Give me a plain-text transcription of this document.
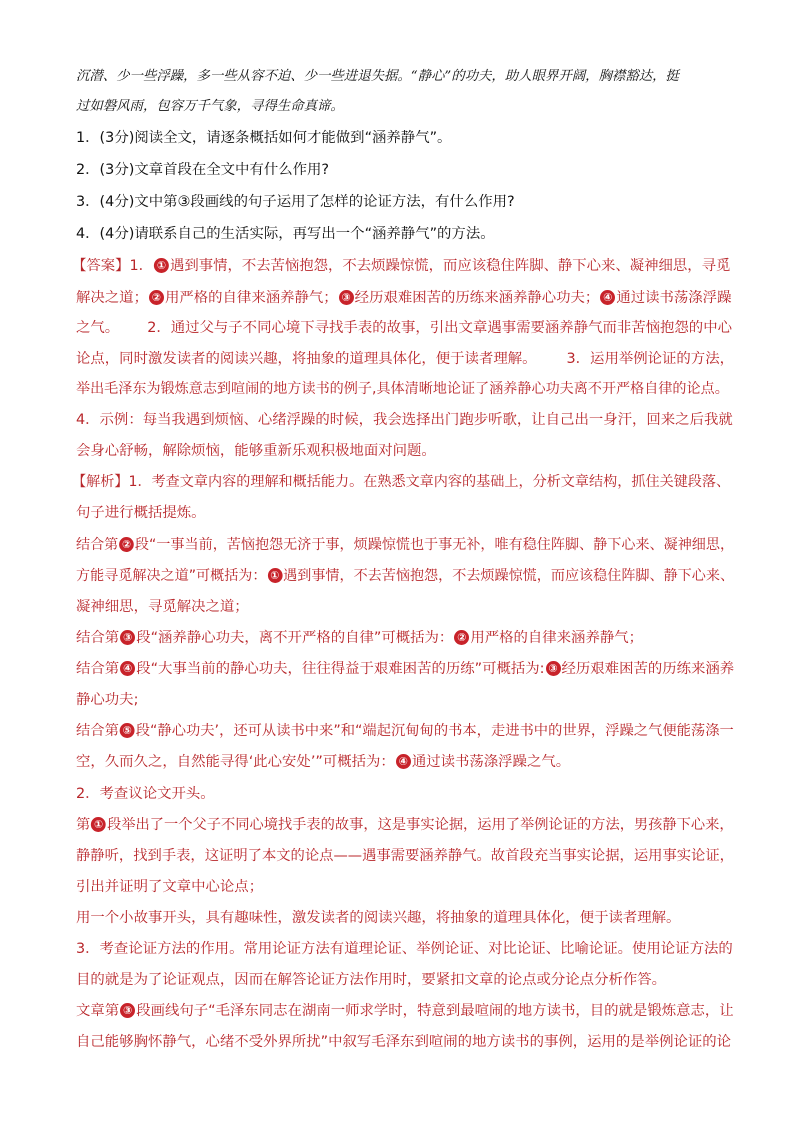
沉潜、少一些浮躁，多一些从容不迫、少一些进退失据。“静心”的功夫，助人眼界开阔，胸襟豁达，挺
过如磐风雨，包容万千气象，寻得生命真谛。
1．(3分)阅读全文，请逐条概括如何才能做到“涵养静气”。
2．(3分)文章首段在全文中有什么作用?
3．(4分)文中第③段画线的句子运用了怎样的论证方法，有什么作用?
4．(4分)请联系自己的生活实际，再写出一个“涵养静气”的方法。
【答案】1． ① 遇到事情，不去苦恼抱怨，不去烦躁惊慌，而应该稳住阵脚、静下心来、凝神细思，寻觅
解决之道； ② 用严格的自律来涵养静气； ③ 经历艰难困苦的历练来涵养静心功夫； ④ 通过读书荡涤浮躁
之气。 2．通过父与子不同心境下寻找手表的故事，引出文章遇事需要涵养静气而非苦恼抱怨的中心
论点，同时激发读者的阅读兴趣，将抽象的道理具体化，便于读者理解。 3．运用举例论证的方法，
举出毛泽东为锻炼意志到喧闹的地方读书的例子,具体清晰地论证了涵养静心功夫离不开严格自律的论点。
4．示例：每当我遇到烦恼、心绪浮躁的时候，我会选择出门跑步听歌，让自己出一身汗，回来之后我就
会身心舒畅，解除烦恼，能够重新乐观积极地面对问题。
【解析】1．考查文章内容的理解和概括能力。在熟悉文章内容的基础上，分析文章结构，抓住关键段落、
句子进行概括提炼。
结合第 ② 段“一事当前，苦恼抱怨无济于事，烦躁惊慌也于事无补，唯有稳住阵脚、静下心来、凝神细思，
方能寻觅解决之道”可概括为： ① 遇到事情，不去苦恼抱怨，不去烦躁惊慌，而应该稳住阵脚、静下心来、
凝神细思，寻觅解决之道；
结合第 ③ 段“涵养静心功夫，离不开严格的自律”可概括为： ② 用严格的自律来涵养静气；
结合第 ④ 段“大事当前的静心功夫，往往得益于艰难困苦的历练”可概括为: ③ 经历艰难困苦的历练来涵养
静心功夫;
结合第 ⑤ 段“静心功夫’，还可从读书中来”和“端起沉甸甸的书本，走进书中的世界，浮躁之气便能荡涤一
空，久而久之，自然能寻得‘此心安处’”可概括为： ④ 通过读书荡涤浮躁之气。
2．考查议论文开头。
第 ① 段举出了一个父子不同心境找手表的故事，这是事实论据，运用了举例论证的方法，男孩静下心来，
静静听，找到手表，这证明了本文的论点——遇事需要涵养静气。故首段充当事实论据，运用事实论证，
引出并证明了文章中心论点；
用一个小故事开头，具有趣味性，激发读者的阅读兴趣，将抽象的道理具体化，便于读者理解。
3．考查论证方法的作用。常用论证方法有道理论证、举例论证、对比论证、比喻论证。使用论证方法的
目的就是为了论证观点，因而在解答论证方法作用时，要紧扣文章的论点或分论点分析作答。
文章第 ③ 段画线句子“毛泽东同志在湖南一师求学时，特意到最喧闹的地方读书，目的就是锻炼意志，让
自己能够胸怀静气，心绪不受外界所扰”中叙写毛泽东到喧闹的地方读书的事例，运用的是举例论证的论
